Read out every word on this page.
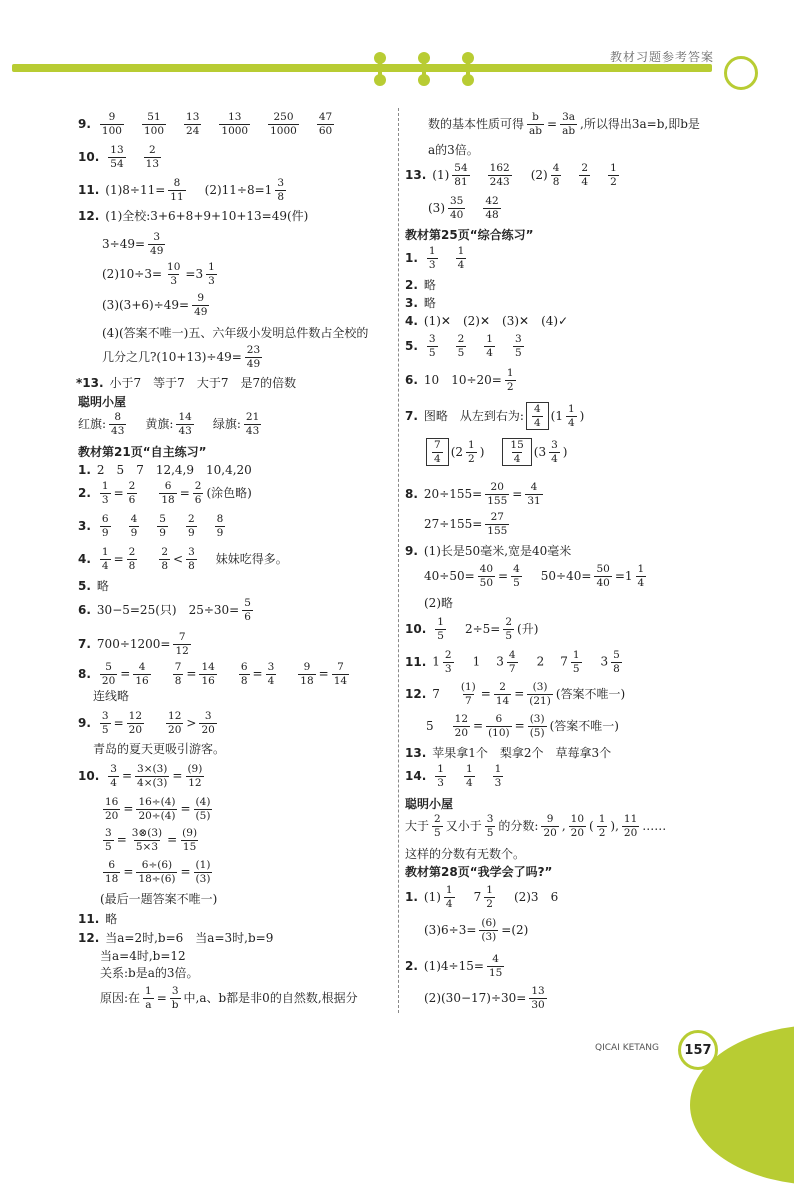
教材习题参考答案
9. $\frac{9}{100}$
  $\frac{51}{100}$
  $\frac{13}{24}$
  $\frac{13}{1000}$
  $\frac{250}{1000}$
  $\frac{47}{60}$
10. $\frac{13}{54}$
  $\frac{2}{13}$
11. $(1)8\div 11= \frac{8}{11} (2)11\div 8=1 \frac{3}{8}$
12. (1)全校:3+6+8+9+10+13=49(件)
$3\div 49= \frac{3}{49}$
$(2)10\div 3= \frac{10}{3} =3 \frac{1}{3}$
$(3)(3+6)\div 49= \frac{9}{49}$
(4)(答案不唯一)五、六年级小发明总件数占全校的
几分之几?(10+13)÷49= $\frac{23}{49}$
*13. 小于7　等于7　大于7　是7的倍数
聪明小屋
红旗: $\frac{8}{43}$ 黄旗: $\frac{14}{43}$ 绿旗: $\frac{21}{43}$
教材第21页“自主练习”
1. 2　5　7　12,4,9　10,4,20
2. $\frac{1}{3} = \frac{2}{6} \frac{6}{18} = \frac{2}{6}$ (涂色略)
3. $\frac{6}{9}$
  $\frac{4}{9}$
  $\frac{5}{9}$
  $\frac{2}{9}$
  $\frac{8}{9}$
4. $\frac{1}{4} = \frac{2}{8} \frac{2}{8} < \frac{3}{8}$ 妹妹吃得多。
5. 略
6. 30−5=25(只)　$25\div 30= \frac{5}{6}$
7. $700\div 1200= \frac{7}{12}$
8. $\frac{5}{20} = \frac{4}{16} \frac{7}{8} = \frac{14}{16} \frac{6}{8} = \frac{3}{4} \frac{9}{18} = \frac{7}{14}$
连线略
9. $\frac{3}{5} = \frac{12}{20} \frac{12}{20} > \frac{3}{20}$
青岛的夏天更吸引游客。
10. $\frac{3}{4} = \frac{3\times(3)}{4\times(3)} = \frac{(9)}{12}$
$\frac{16}{20} = \frac{16\div(4)}{20\div(4)} = \frac{(4)}{(5)}$
$\frac{3}{5} = \frac{3\otimes(3)}{5\times 3} = \frac{(9)}{15}$
$\frac{6}{18} = \frac{6\div(6)}{18\div(6)} = \frac{(1)}{(3)}$
(最后一题答案不唯一)
11. 略
12. 当a=2时,b=6　当a=3时,b=9
当a=4时,b=12
关系:b是a的3倍。
原因:在 $\frac{1}{a} = \frac{3}{b}$ 中,a、b都是非0的自然数,根据分
数的基本性质可得 $\frac{b}{ab} = \frac{3a}{ab}$ ,所以得出3a=b,即b是
a的3倍。
13. $(1) \frac{54}{81}$
  $\frac{162}{243} (2) \frac{4}{8}$
  $\frac{2}{4}$
  $\frac{1}{2}$
$(3) \frac{35}{40}$
  $\frac{42}{48}$
教材第25页“综合练习”
1. $\frac{1}{3}$
  $\frac{1}{4}$
2. 略
3. 略
4. (1)✕　(2)✕　(3)✕　(4)✓
5. $\frac{3}{5}$
  $\frac{2}{5}$
  $\frac{1}{4}$
  $\frac{3}{5}$
6. 10　$10\div 20= \frac{1}{2}$
7. 图略　从左到右为: $\frac{4}{4}$ ( $1 \frac{1}{4}$ )
$\frac{7}{4}$ ( $2 \frac{1}{2}$ ) $\frac{15}{4}$ ( $3 \frac{3}{4}$ )
8. $20\div 155= \frac{20}{155} = \frac{4}{31}$
$27\div 155= \frac{27}{155}$
9. (1)长是50毫米,宽是40毫米
$40\div 50= \frac{40}{50} = \frac{4}{5} 50\div 40= \frac{50}{40} =1 \frac{1}{4}$
(2)略
10. $\frac{1}{5} 2\div 5= \frac{2}{5}$ (升)
11. $1 \frac{2}{3} 1$ $3 \frac{4}{7} 2$ $7 \frac{1}{5} 3 \frac{5}{8}$
12. $7 \frac{(1)}{7} = \frac{2}{14} = \frac{(3)}{(21)}$ (答案不唯一)
$5 \frac{12}{20} = \frac{6}{(10)} = \frac{(3)}{(5)}$ (答案不唯一)
13. 苹果拿1个　梨拿2个　草莓拿3个
14. $\frac{1}{3}$
  $\frac{1}{4}$
  $\frac{1}{3}$
聪明小屋
大于 $\frac{2}{5}$ 又小于 $\frac{3}{5}$ 的分数: $\frac{9}{20}$ , $\frac{10}{20}$ ( $\frac{1}{2}$ ), $\frac{11}{20}$ ……
这样的分数有无数个。
教材第28页“我学会了吗?”
1. $(1) \frac{1}{4} 7 \frac{1}{2} (2)3$　6
$(3)6\div 3= \frac{(6)}{(3)} =(2)$
2. $(1)4\div 15= \frac{4}{15}$
$(2)(30-17)\div 30= \frac{13}{30}$
QICAI KETANG	157
